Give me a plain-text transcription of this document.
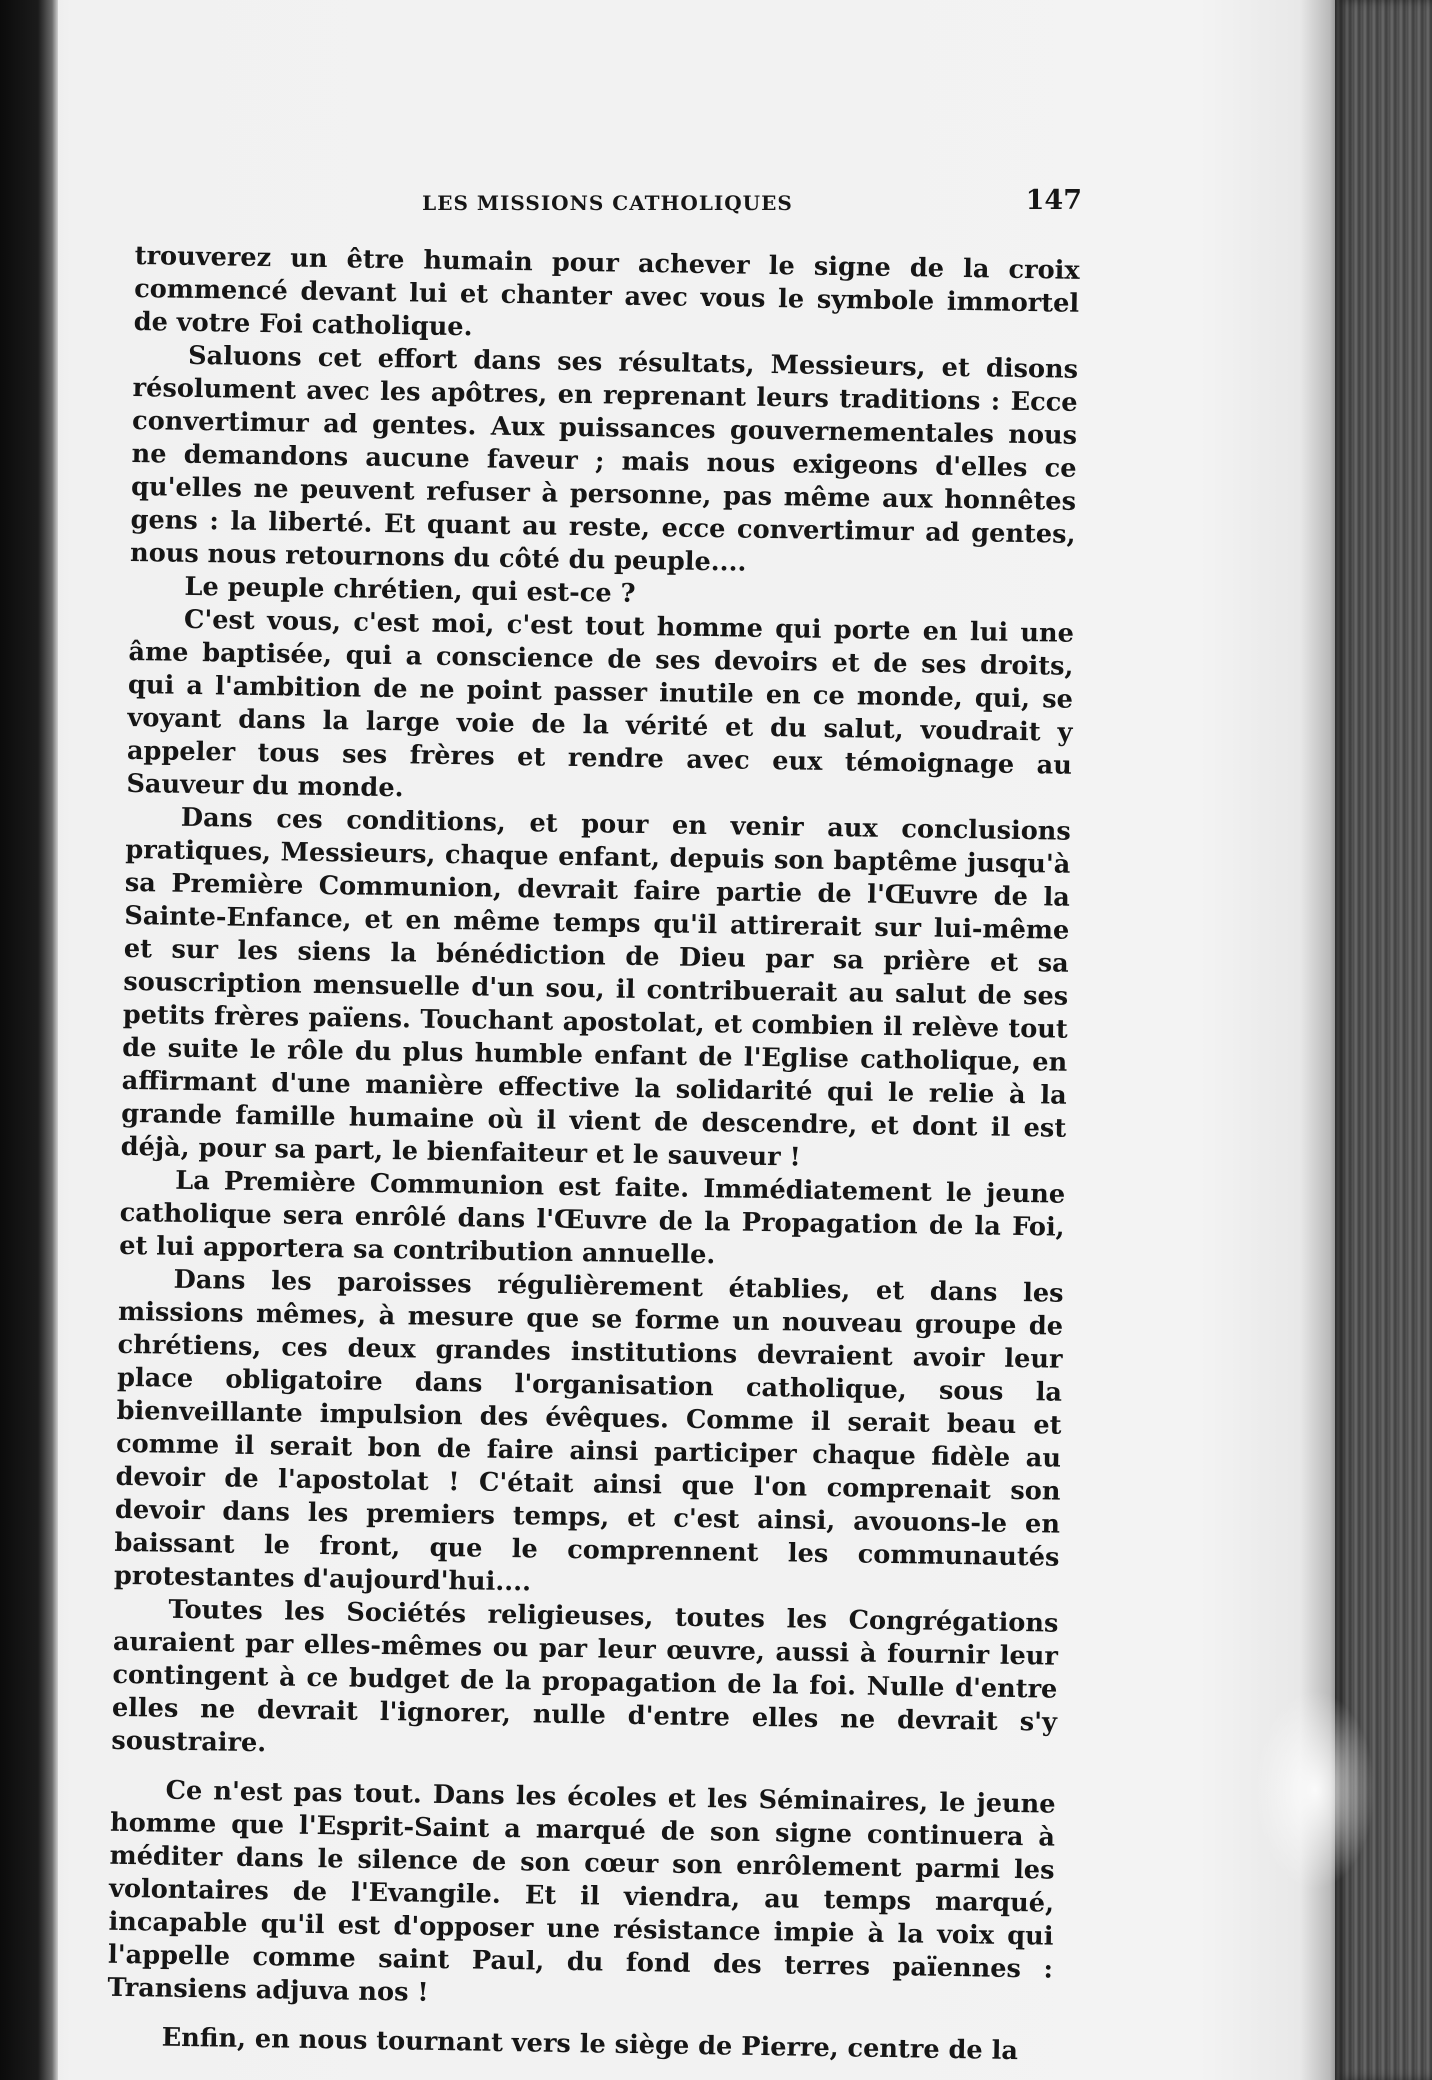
LES MISSIONS CATHOLIQUES	147

trouverez un être humain pour achever le signe de la croix commencé devant lui et chanter avec vous le symbole immortel de votre Foi catholique.

Saluons cet effort dans ses résultats, Messieurs, et disons résolument avec les apôtres, en reprenant leurs traditions : Ecce convertimur ad gentes. Aux puissances gouvernementales nous ne demandons aucune faveur ; mais nous exigeons d'elles ce qu'elles ne peuvent refuser à personne, pas même aux honnêtes gens : la liberté. Et quant au reste, ecce convertimur ad gentes, nous nous retournons du côté du peuple....

Le peuple chrétien, qui est-ce ?

C'est vous, c'est moi, c'est tout homme qui porte en lui une âme baptisée, qui a conscience de ses devoirs et de ses droits, qui a l'ambition de ne point passer inutile en ce monde, qui, se voyant dans la large voie de la vérité et du salut, voudrait y appeler tous ses frères et rendre avec eux témoignage au Sauveur du monde.

Dans ces conditions, et pour en venir aux conclusions pratiques, Messieurs, chaque enfant, depuis son baptême jusqu'à sa Première Communion, devrait faire partie de l'Œuvre de la Sainte-Enfance, et en même temps qu'il attirerait sur lui-même et sur les siens la bénédiction de Dieu par sa prière et sa souscription mensuelle d'un sou, il contribuerait au salut de ses petits frères païens. Touchant apostolat, et combien il relève tout de suite le rôle du plus humble enfant de l'Eglise catholique, en affirmant d'une manière effective la solidarité qui le relie à la grande famille humaine où il vient de descendre, et dont il est déjà, pour sa part, le bienfaiteur et le sauveur !

La Première Communion est faite. Immédiatement le jeune catholique sera enrôlé dans l'Œuvre de la Propagation de la Foi, et lui apportera sa contribution annuelle.

Dans les paroisses régulièrement établies, et dans les missions mêmes, à mesure que se forme un nouveau groupe de chrétiens, ces deux grandes institutions devraient avoir leur place obligatoire dans l'organisation catholique, sous la bienveillante impulsion des évêques. Comme il serait beau et comme il serait bon de faire ainsi participer chaque fidèle au devoir de l'apostolat ! C'était ainsi que l'on comprenait son devoir dans les premiers temps, et c'est ainsi, avouons-le en baissant le front, que le comprennent les communautés protestantes d'aujourd'hui....

Toutes les Sociétés religieuses, toutes les Congrégations auraient par elles-mêmes ou par leur œuvre, aussi à fournir leur contingent à ce budget de la propagation de la foi. Nulle d'entre elles ne devrait l'ignorer, nulle d'entre elles ne devrait s'y soustraire.

Ce n'est pas tout. Dans les écoles et les Séminaires, le jeune homme que l'Esprit-Saint a marqué de son signe continuera à méditer dans le silence de son cœur son enrôlement parmi les volontaires de l'Evangile. Et il viendra, au temps marqué, incapable qu'il est d'opposer une résistance impie à la voix qui l'appelle comme saint Paul, du fond des terres païennes : Transiens adjuva nos !

Enfin, en nous tournant vers le siège de Pierre, centre de la
